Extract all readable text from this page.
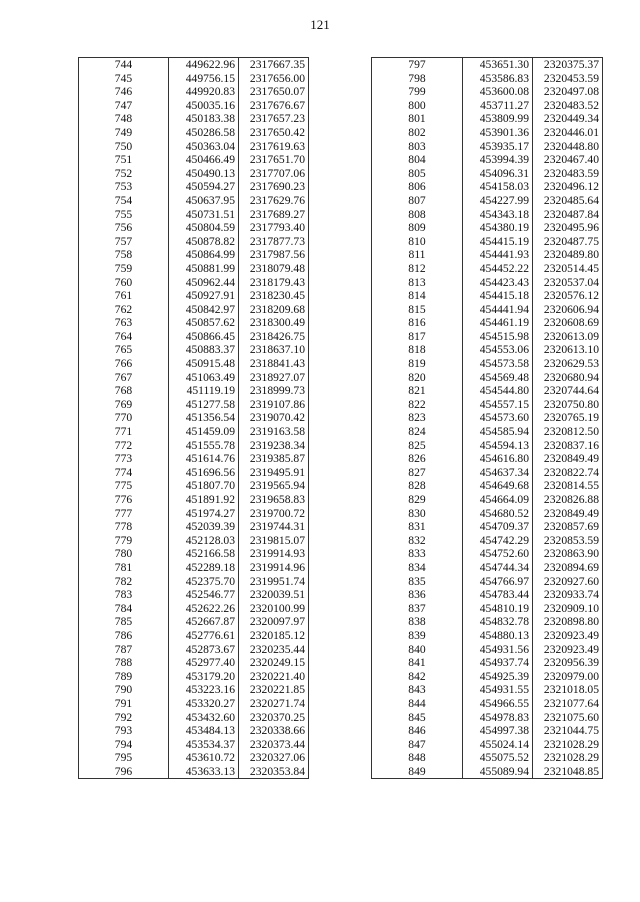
121
744	449622.96	2317667.35
745	449756.15	2317656.00
746	449920.83	2317650.07
747	450035.16	2317676.67
748	450183.38	2317657.23
749	450286.58	2317650.42
750	450363.04	2317619.63
751	450466.49	2317651.70
752	450490.13	2317707.06
753	450594.27	2317690.23
754	450637.95	2317629.76
755	450731.51	2317689.27
756	450804.59	2317793.40
757	450878.82	2317877.73
758	450864.99	2317987.56
759	450881.99	2318079.48
760	450962.44	2318179.43
761	450927.91	2318230.45
762	450842.97	2318209.68
763	450857.62	2318300.49
764	450866.45	2318426.75
765	450883.37	2318637.10
766	450915.48	2318841.43
767	451063.49	2318927.07
768	451119.19	2318999.73
769	451277.58	2319107.86
770	451356.54	2319070.42
771	451459.09	2319163.58
772	451555.78	2319238.34
773	451614.76	2319385.87
774	451696.56	2319495.91
775	451807.70	2319565.94
776	451891.92	2319658.83
777	451974.27	2319700.72
778	452039.39	2319744.31
779	452128.03	2319815.07
780	452166.58	2319914.93
781	452289.18	2319914.96
782	452375.70	2319951.74
783	452546.77	2320039.51
784	452622.26	2320100.99
785	452667.87	2320097.97
786	452776.61	2320185.12
787	452873.67	2320235.44
788	452977.40	2320249.15
789	453179.20	2320221.40
790	453223.16	2320221.85
791	453320.27	2320271.74
792	453432.60	2320370.25
793	453484.13	2320338.66
794	453534.37	2320373.44
795	453610.72	2320327.06
796	453633.13	2320353.84
797	453651.30	2320375.37
798	453586.83	2320453.59
799	453600.08	2320497.08
800	453711.27	2320483.52
801	453809.99	2320449.34
802	453901.36	2320446.01
803	453935.17	2320448.80
804	453994.39	2320467.40
805	454096.31	2320483.59
806	454158.03	2320496.12
807	454227.99	2320485.64
808	454343.18	2320487.84
809	454380.19	2320495.96
810	454415.19	2320487.75
811	454441.93	2320489.80
812	454452.22	2320514.45
813	454423.43	2320537.04
814	454415.18	2320576.12
815	454441.94	2320606.94
816	454461.19	2320608.69
817	454515.98	2320613.09
818	454553.06	2320613.10
819	454573.58	2320629.53
820	454569.48	2320680.94
821	454544.80	2320744.64
822	454557.15	2320750.80
823	454573.60	2320765.19
824	454585.94	2320812.50
825	454594.13	2320837.16
826	454616.80	2320849.49
827	454637.34	2320822.74
828	454649.68	2320814.55
829	454664.09	2320826.88
830	454680.52	2320849.49
831	454709.37	2320857.69
832	454742.29	2320853.59
833	454752.60	2320863.90
834	454744.34	2320894.69
835	454766.97	2320927.60
836	454783.44	2320933.74
837	454810.19	2320909.10
838	454832.78	2320898.80
839	454880.13	2320923.49
840	454931.56	2320923.49
841	454937.74	2320956.39
842	454925.39	2320979.00
843	454931.55	2321018.05
844	454966.55	2321077.64
845	454978.83	2321075.60
846	454997.38	2321044.75
847	455024.14	2321028.29
848	455075.52	2321028.29
849	455089.94	2321048.85
